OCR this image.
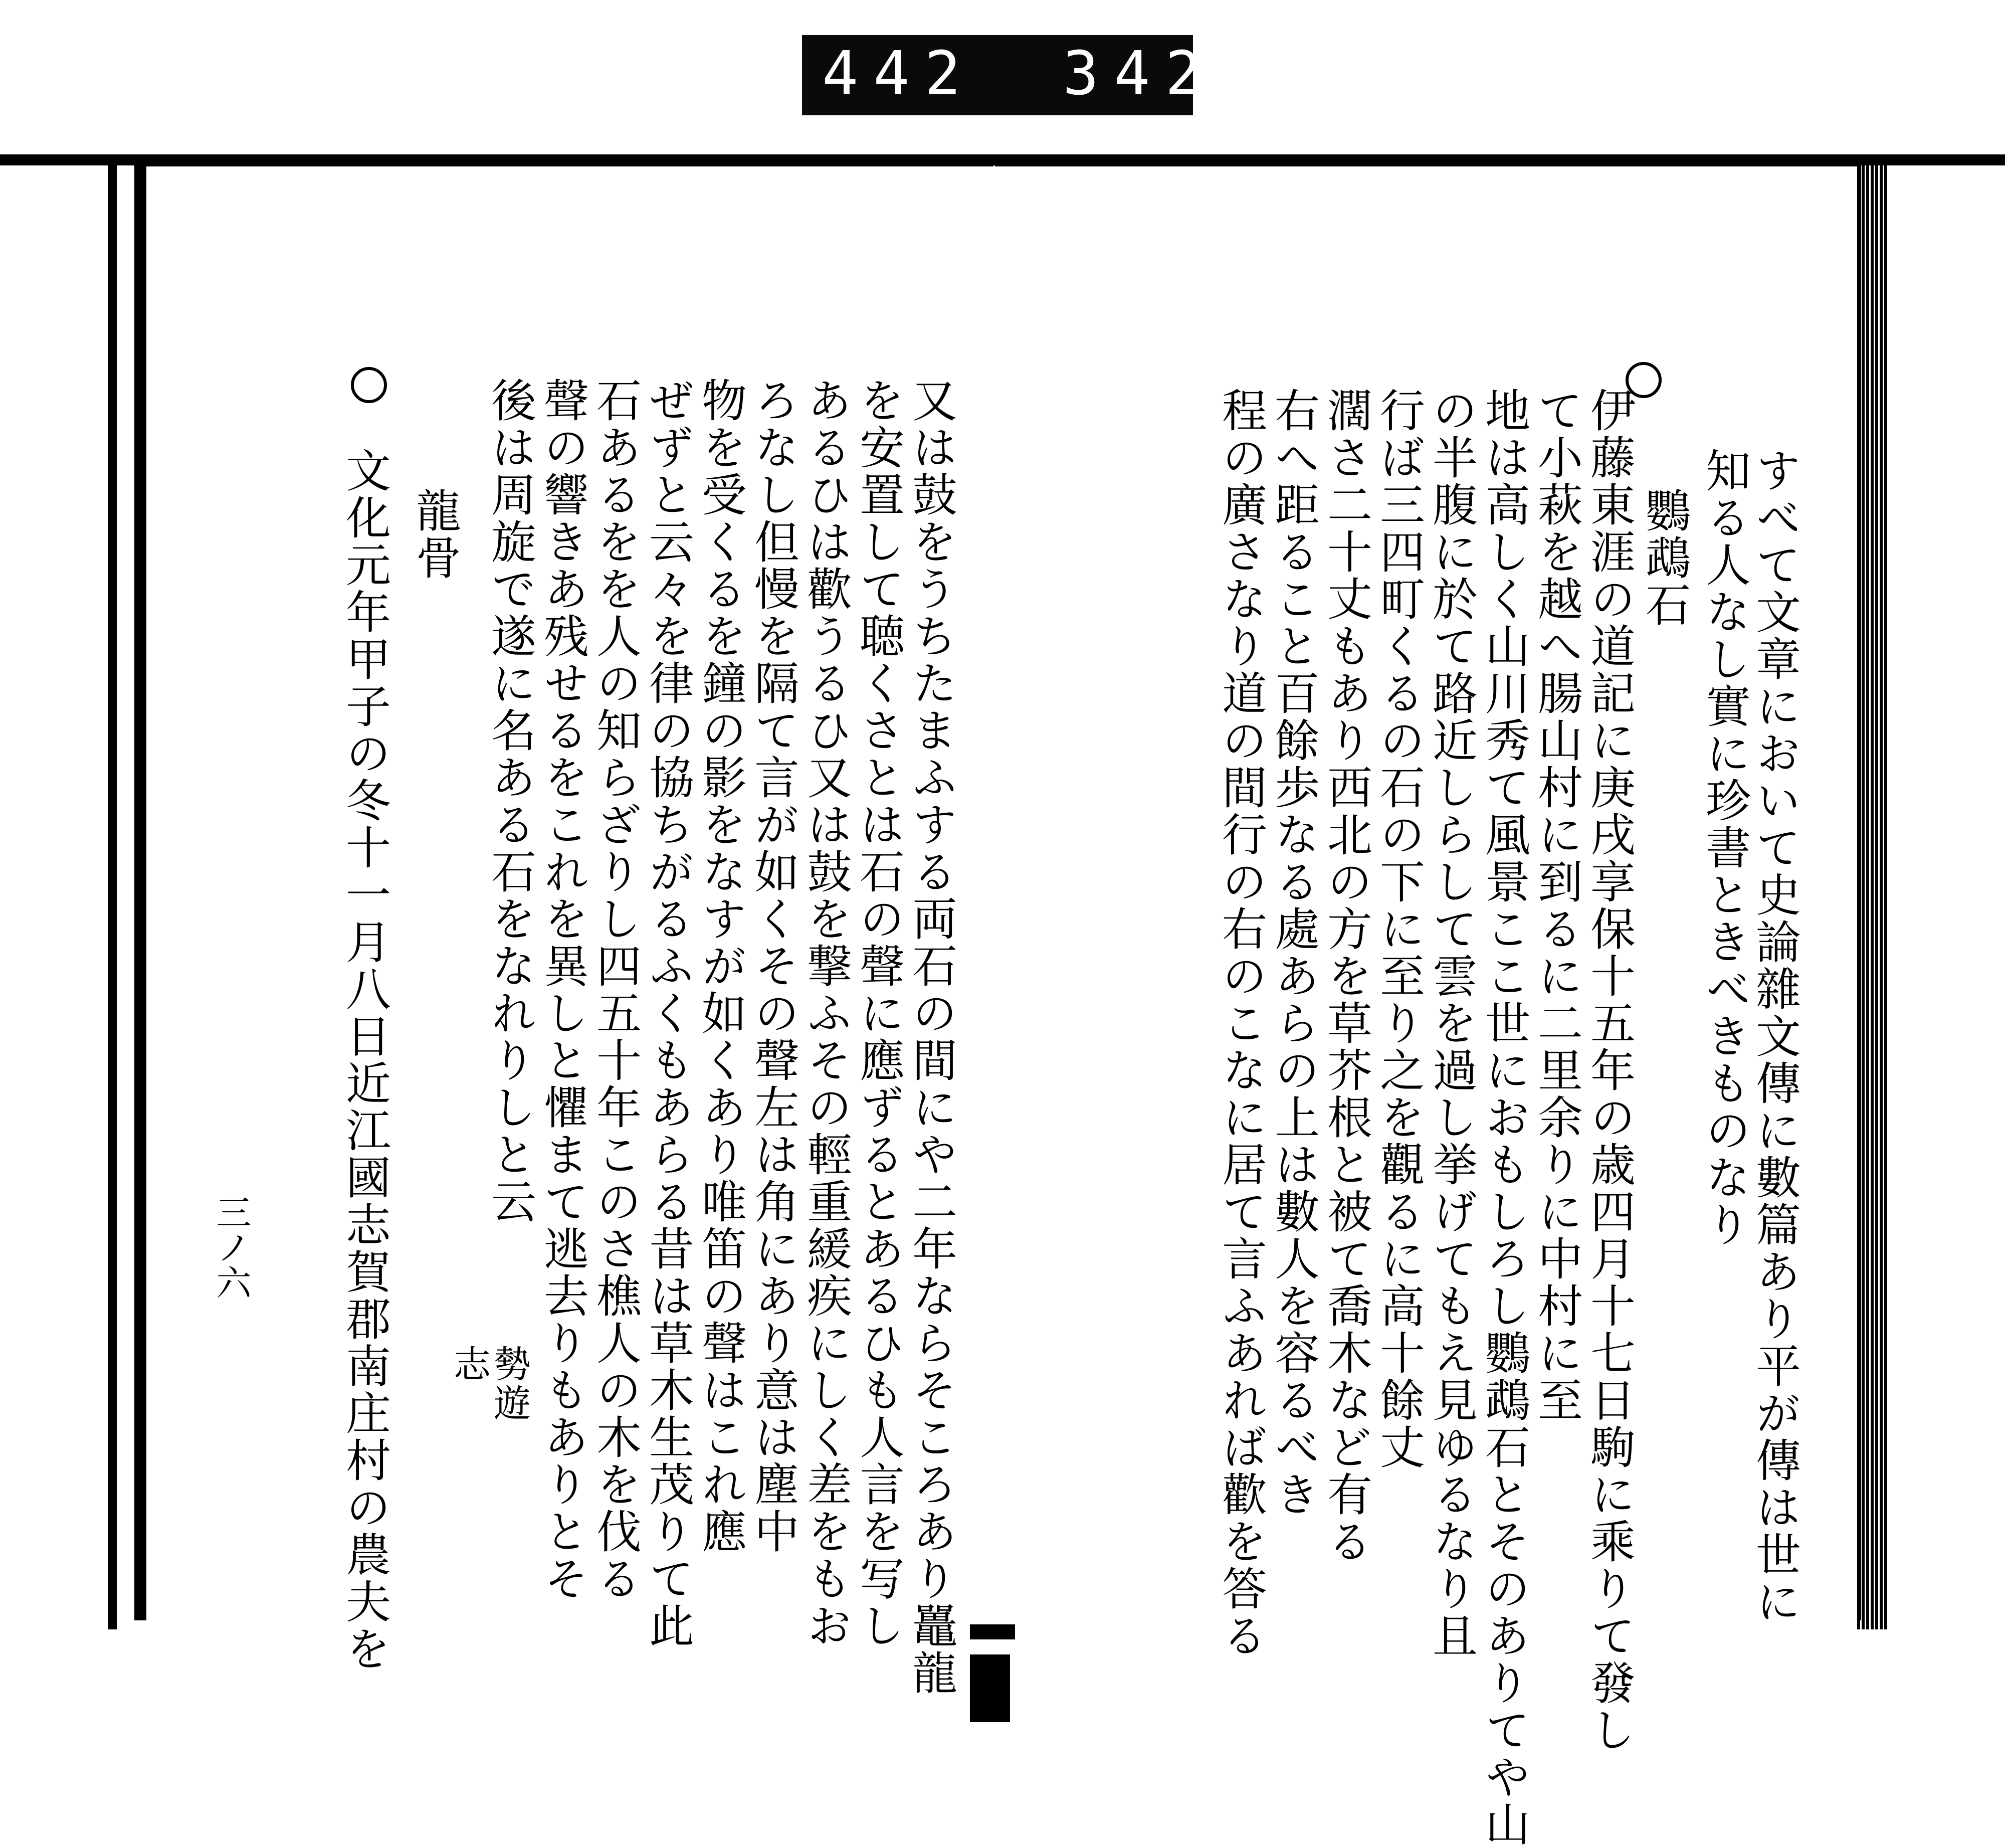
442 342.
又は鼓をうちたまふする両石の間にや二年ならそころあり鼉龍
を安置して聴くさとは石の聲に應ずるとあるひも人言を写し
あるひは歡うるひ又は鼓を撃ふその輕重緩疾にしく差をもお
ろなし但慢を隔て言が如くその聲左は角にあり意は塵中
物を受くるを鐘の影をなすが如くあり唯笛の聲はこれ應
ぜずと云々を律の協ちがるふくもあらる昔は草木生茂りて此
石あるをを人の知らざりし四五十年このさ樵人の木を伐る
聲の響きあ残せるをこれを異しと懼まて逃去りもありとそ
後は周旋で遂に名ある石をなれりしと云
志
勢遊
龍骨
文化元年甲子の冬十一月八日近江國志賀郡南庄村の農夫を
三ノ六	すべて文章において史論雜文傳に數篇あり平が傳は世に
知る人なし實に珍書ときべきものなり
鸚鵡石
伊藤東涯の道記に庚戌享保十五年の歳四月十七日駒に乘りて發し
て小萩を越へ腸山村に到るに二里余りに中村に至
地は高しく山川秀て風景ここ世におもしろし鸚鵡石とそのありてや山
の半腹に於て路近しらして雲を過し挙げてもえ見ゆるなり且
行ば三四町くるの石の下に至り之を觀るに高十餘丈
濶さ二十丈もあり西北の方を草芥根と被て喬木など有る
右へ距ること百餘歩なる處あらの上は數人を容るべき
程の廣さなり道の間行の右のこなに居て言ふあれば歡を答る
